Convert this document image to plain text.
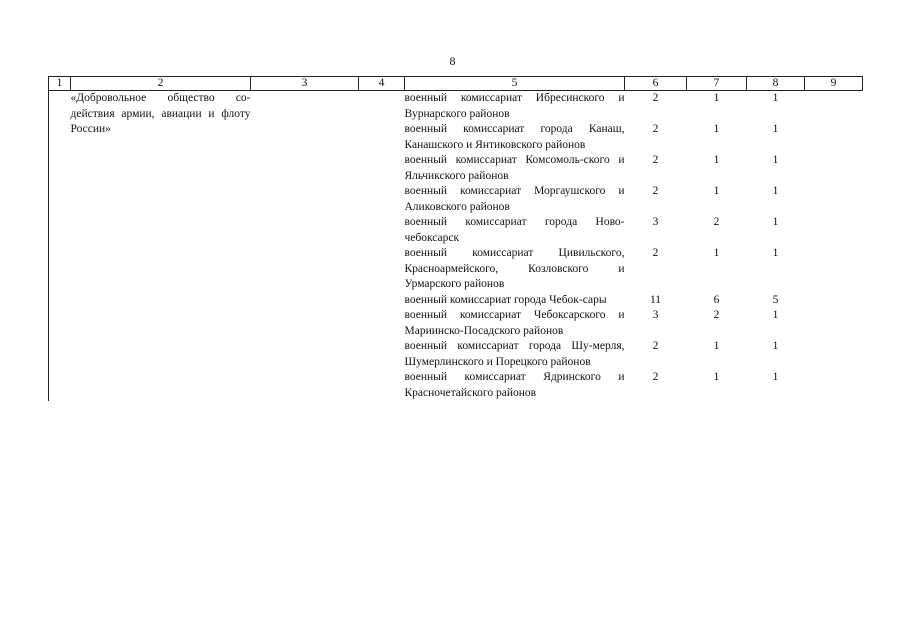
8
1	2	3	4	5	6	7	8	9
	«Добровольное общество со-действия армии, авиации и флоту России»			военный комиссариат Ибресинского и Вурнарского районов	2	1	1	
				военный комиссариат города Канаш, Канашского и Янтиковского районов	2	1	1	
				военный комиссариат Комсомоль-ского и Яльчикского районов	2	1	1	
				военный комиссариат Моргаушского и Аликовского районов	2	1	1	
				военный комиссариат города Ново-чебоксарск	3	2	1	
				военный комиссариат Цивильского, Красноармейского, Козловского и Урмарского районов	2	1	1	
				военный комиссариат города Чебок-сары	11	6	5	
				военный комиссариат Чебоксарского и Мариинско-Посадского районов	3	2	1	
				военный комиссариат города Шу-мерля, Шумерлинского и Порецкого районов	2	1	1	
				военный комиссариат Ядринского и Красночетайского районов	2	1	1	
